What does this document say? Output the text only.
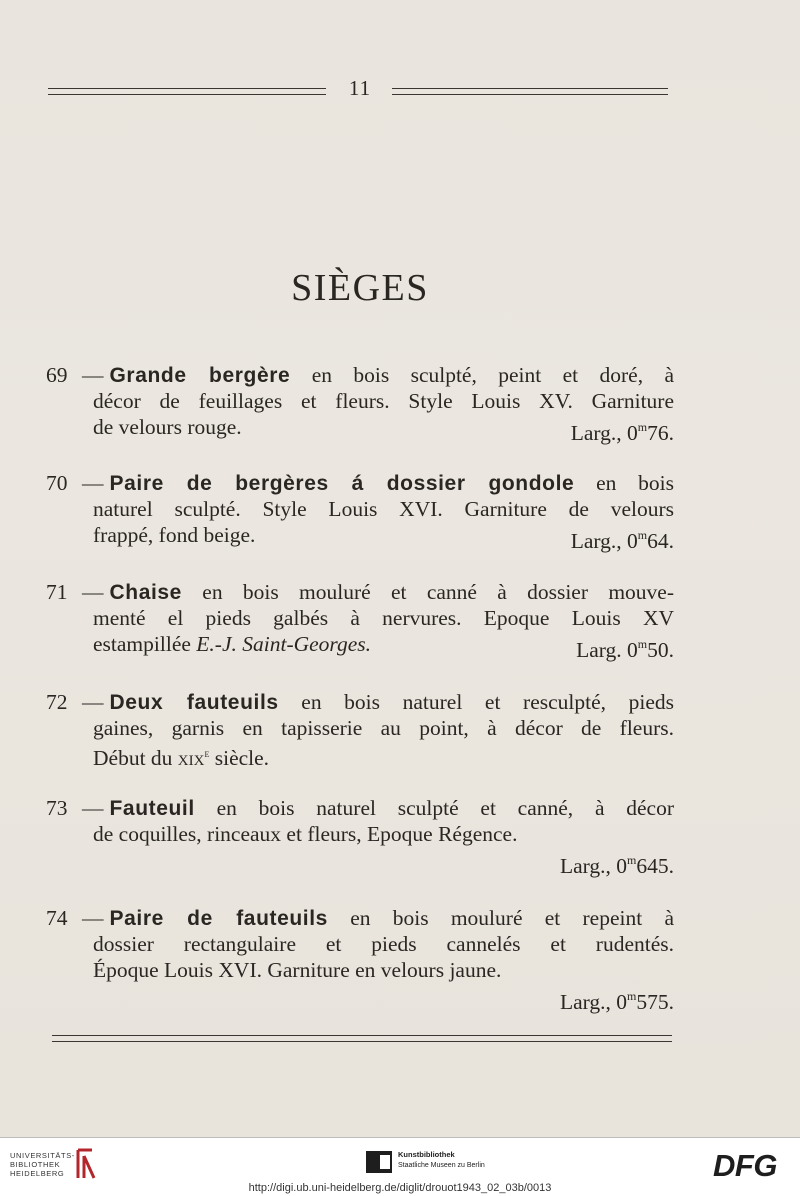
11
SIÈGES
69 — Grande bergère en bois sculpté, peint et doré, à
décor de feuillages et fleurs. Style Louis XV. Garniture
de velours rouge.	Larg., 0$^m$76.
70 — Paire de bergères á dossier gondole en bois
naturel sculpté. Style Louis XVI. Garniture de velours
frappé, fond beige.	Larg., 0$^m$64.
71 — Chaise en bois mouluré et canné à dossier mouve-
menté el pieds galbés à nervures. Epoque Louis XV
estampillée E.-J. Saint-Georges.	Larg. 0$^m$50.
72 — Deux fauteuils en bois naturel et resculpté, pieds
gaines, garnis en tapisserie au point, à décor de fleurs.
Début du xix$^e$ siècle.
73 — Fauteuil en bois naturel sculpté et canné, à décor
de coquilles, rinceaux et fleurs, Epoque Régence.
Larg., 0$^m$645.
74 — Paire de fauteuils en bois mouluré et repeint à
dossier rectangulaire et pieds cannelés et rudentés.
Époque Louis XVI. Garniture en velours jaune.
Larg., 0$^m$575.
UNIVERSITÄTS-
BIBLIOTHEK
HEIDELBERG
Kunstbibliothek
Staatliche Museen zu Berlin	DFG
http://digi.ub.uni-heidelberg.de/diglit/drouot1943_02_03b/0013
